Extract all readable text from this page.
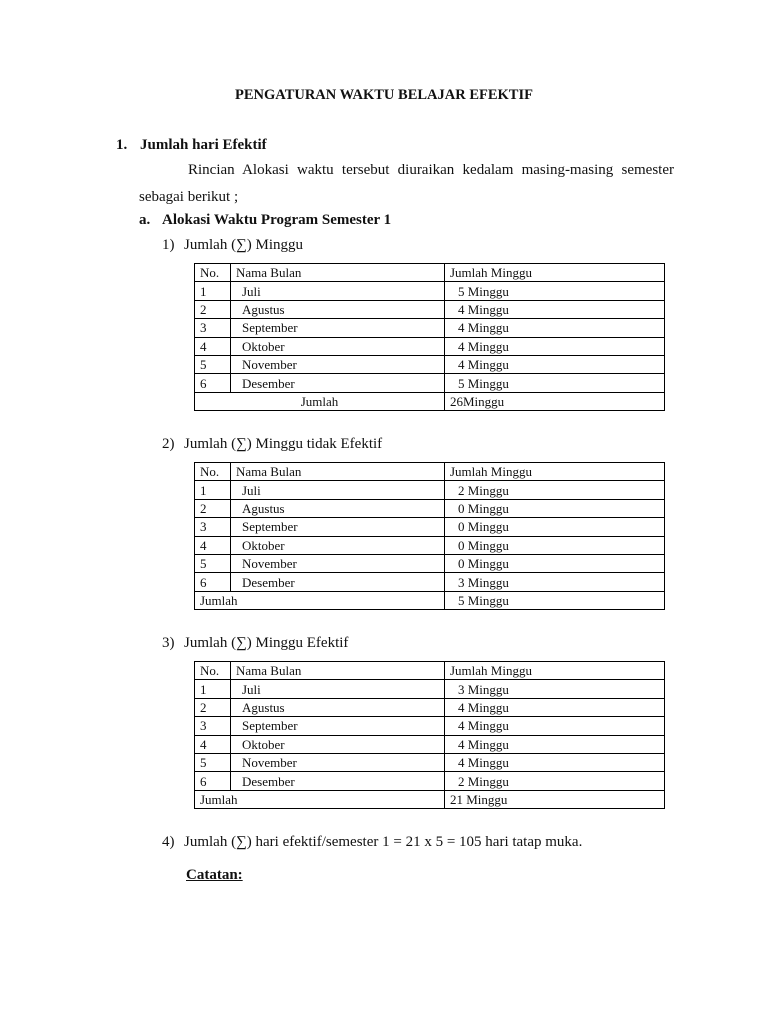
PENGATURAN WAKTU BELAJAR EFEKTIF
1. Jumlah hari Efektif
Rincian Alokasi waktu tersebut diuraikan kedalam masing-masing semester
sebagai berikut ;
a. Alokasi Waktu Program Semester 1
1) Jumlah (∑) Minggu
No.	Nama Bulan	Jumlah Minggu
1	Juli	5 Minggu
2	Agustus	4 Minggu
3	September	4 Minggu
4	Oktober	4 Minggu
5	November	4 Minggu
6	Desember	5 Minggu
Jumlah		26Minggu
2) Jumlah (∑) Minggu tidak Efektif
No.	Nama Bulan	Jumlah Minggu
1	Juli	2 Minggu
2	Agustus	0 Minggu
3	September	0 Minggu
4	Oktober	0 Minggu
5	November	0 Minggu
6	Desember	3 Minggu
Jumlah		5 Minggu
3) Jumlah (∑) Minggu Efektif
No.	Nama Bulan	Jumlah Minggu
1	Juli	3 Minggu
2	Agustus	4 Minggu
3	September	4 Minggu
4	Oktober	4 Minggu
5	November	4 Minggu
6	Desember	2 Minggu
Jumlah		21 Minggu
4) Jumlah (∑) hari efektif/semester 1 = 21 x 5 = 105 hari tatap muka.
Catatan:
